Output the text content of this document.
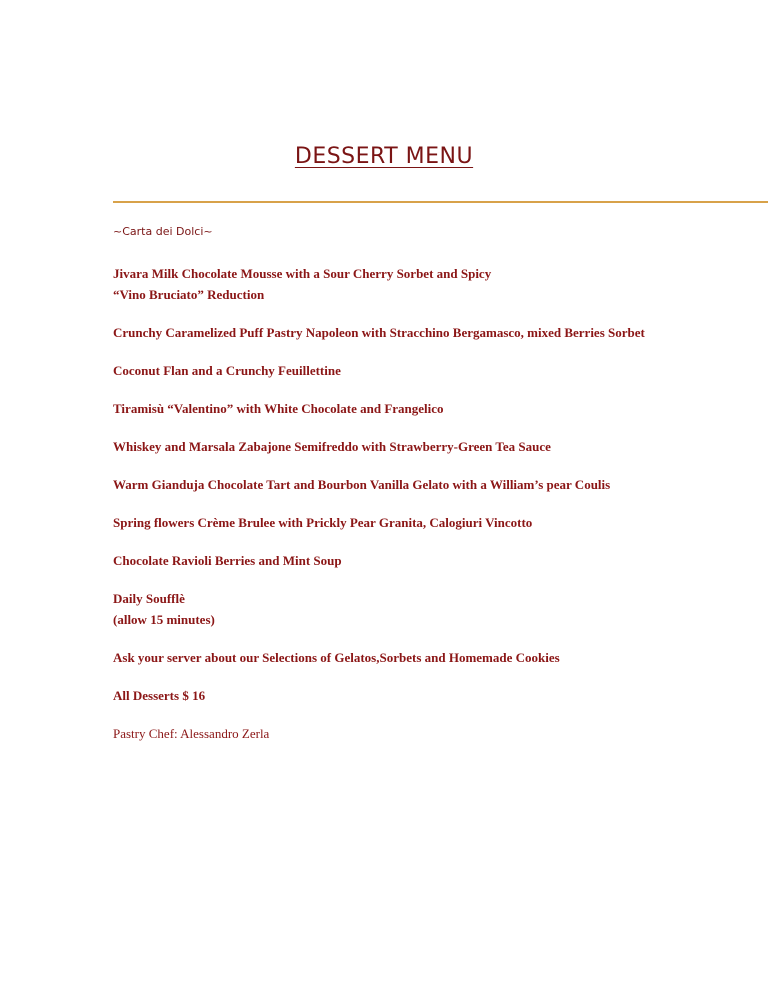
DESSERT MENU
~Carta dei Dolci~
Jivara Milk Chocolate Mousse with a Sour Cherry Sorbet and Spicy
“Vino Bruciato” Reduction
Crunchy Caramelized Puff Pastry Napoleon with Stracchino Bergamasco, mixed Berries Sorbet
Coconut Flan and a Crunchy Feuillettine
Tiramisù “Valentino” with White Chocolate and Frangelico
Whiskey and Marsala Zabajone Semifreddo with Strawberry-Green Tea Sauce
Warm Gianduja Chocolate Tart and Bourbon Vanilla Gelato with a William’s pear Coulis
Spring flowers Crème Brulee with Prickly Pear Granita, Calogiuri Vincotto
Chocolate Ravioli Berries and Mint Soup
Daily Soufflè
(allow 15 minutes)
Ask your server about our Selections of Gelatos,Sorbets and Homemade Cookies
All Desserts $ 16
Pastry Chef: Alessandro Zerla
